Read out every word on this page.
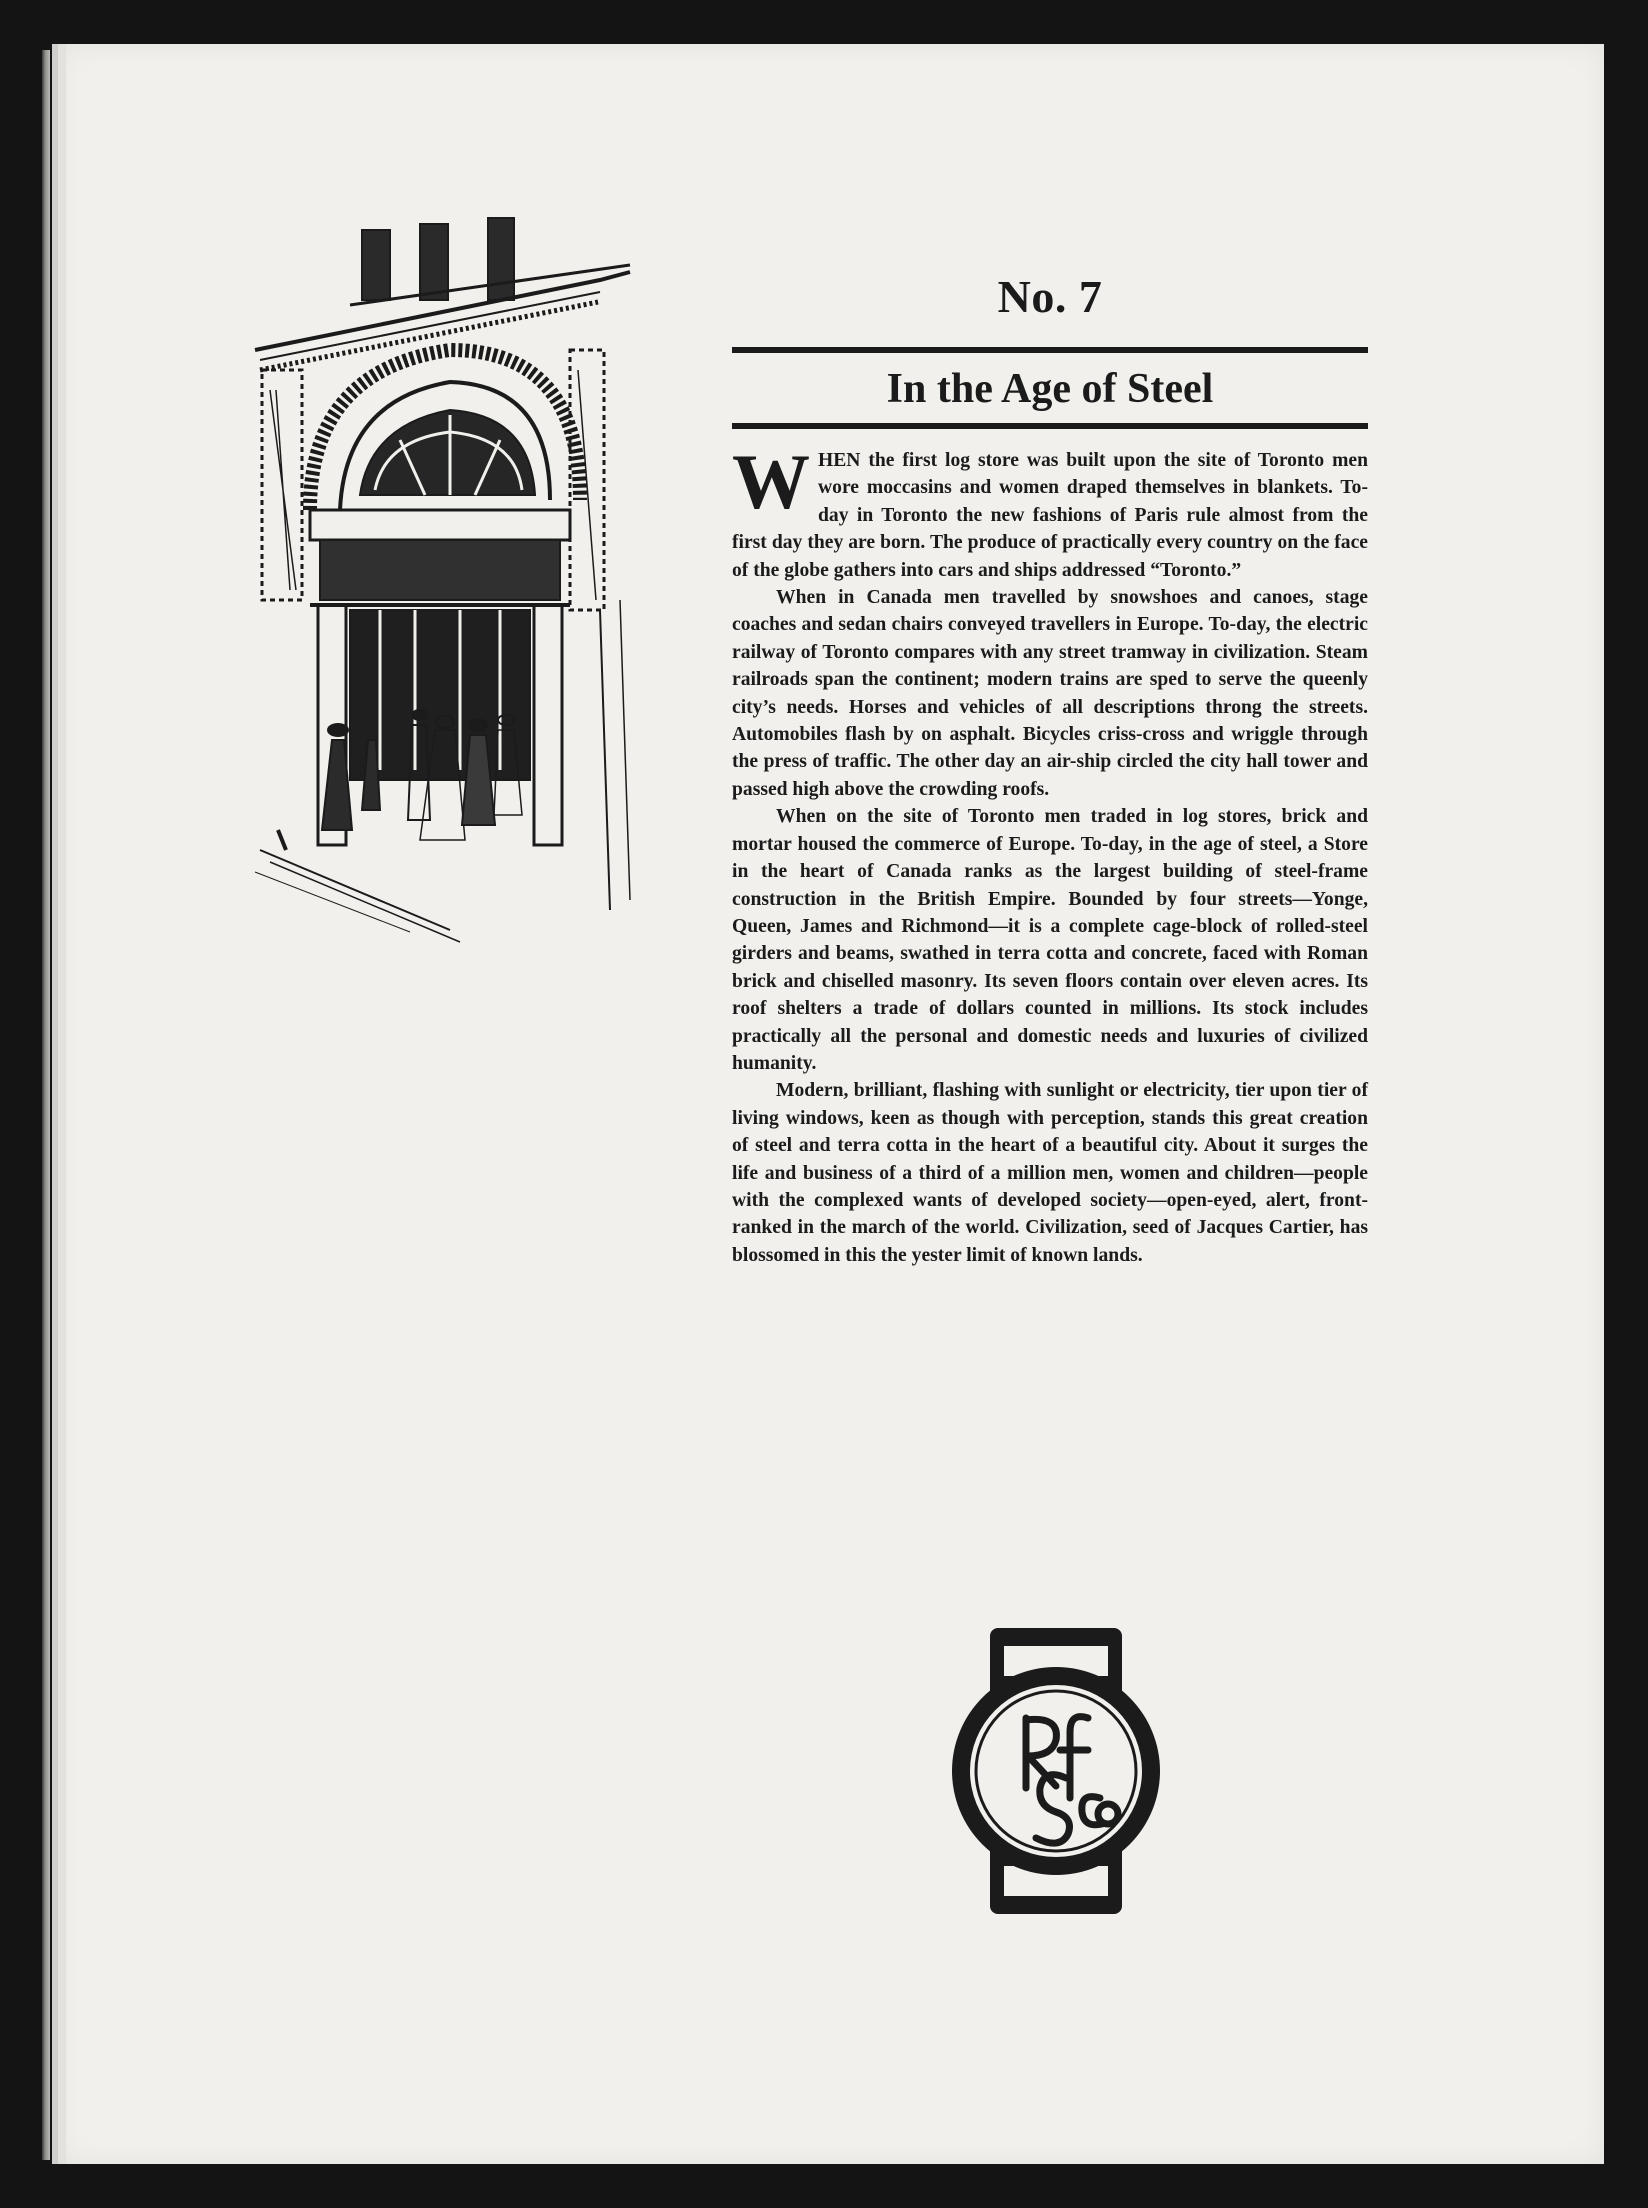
No. 7
In the Age of Steel

WHEN the first log store was built upon the site of Toronto men wore moccasins and women draped themselves in blankets. To-day in Toronto the new fashions of Paris rule almost from the first day they are born. The produce of practically every country on the face of the globe gathers into cars and ships addressed “Toronto.”

When in Canada men travelled by snowshoes and canoes, stage coaches and sedan chairs conveyed travellers in Europe. To-day, the electric railway of Toronto compares with any street tramway in civilization. Steam railroads span the continent; modern trains are sped to serve the queenly city’s needs. Horses and vehicles of all descriptions throng the streets. Automobiles flash by on asphalt. Bicycles criss-cross and wriggle through the press of traffic. The other day an air-ship circled the city hall tower and passed high above the crowding roofs.

When on the site of Toronto men traded in log stores, brick and mortar housed the commerce of Europe. To-day, in the age of steel, a Store in the heart of Canada ranks as the largest building of steel-frame construction in the British Empire. Bounded by four streets—Yonge, Queen, James and Richmond—it is a complete cage-block of rolled-steel girders and beams, swathed in terra cotta and concrete, faced with Roman brick and chiselled masonry. Its seven floors contain over eleven acres. Its roof shelters a trade of dollars counted in millions. Its stock includes practically all the personal and domestic needs and luxuries of civilized humanity.

Modern, brilliant, flashing with sunlight or electricity, tier upon tier of living windows, keen as though with perception, stands this great creation of steel and terra cotta in the heart of a beautiful city. About it surges the life and business of a third of a million men, women and children—people with the complexed wants of developed society—open-eyed, alert, front-ranked in the march of the world. Civilization, seed of Jacques Cartier, has blossomed in this the yester limit of known lands.
